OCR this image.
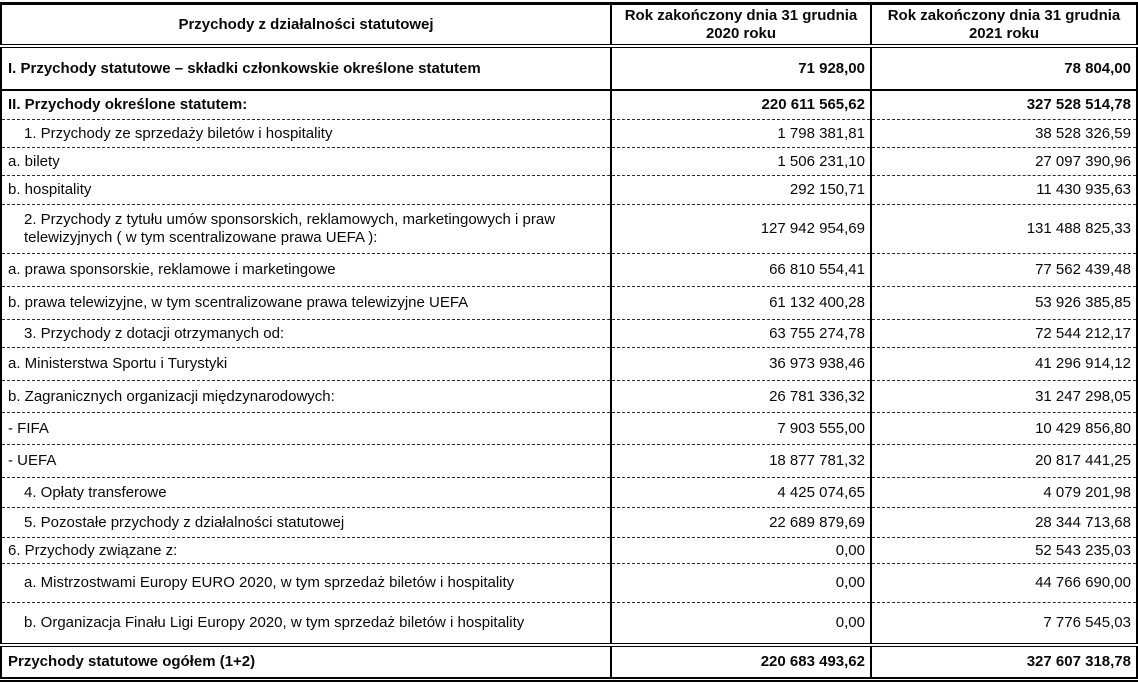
Przychody z działalności statutowej	Rok zakończony dnia 31 grudnia 2020 roku	Rok zakończony dnia 31 grudnia 2021 roku
I. Przychody statutowe – składki członkowskie określone statutem	71 928,00	78 804,00
II. Przychody określone statutem:	220 611 565,62	327 528 514,78
1. Przychody ze sprzedaży biletów i hospitality	1 798 381,81	38 528 326,59
a. bilety	1 506 231,10	27 097 390,96
b. hospitality	292 150,71	11 430 935,63
2. Przychody z tytułu umów sponsorskich, reklamowych, marketingowych i praw telewizyjnych ( w tym scentralizowane prawa UEFA ):	127 942 954,69	131 488 825,33
a. prawa sponsorskie, reklamowe i marketingowe	66 810 554,41	77 562 439,48
b. prawa telewizyjne, w tym scentralizowane prawa telewizyjne UEFA	61 132 400,28	53 926 385,85
3. Przychody z dotacji otrzymanych od:	63 755 274,78	72 544 212,17
a. Ministerstwa Sportu i Turystyki	36 973 938,46	41 296 914,12
b. Zagranicznych organizacji międzynarodowych:	26 781 336,32	31 247 298,05
- FIFA	7 903 555,00	10 429 856,80
- UEFA	18 877 781,32	20 817 441,25
4. Opłaty transferowe	4 425 074,65	4 079 201,98
5. Pozostałe przychody z działalności statutowej	22 689 879,69	28 344 713,68
6. Przychody związane z:	0,00	52 543 235,03
a. Mistrzostwami Europy EURO 2020, w tym sprzedaż biletów i hospitality	0,00	44 766 690,00
b. Organizacja Finału Ligi Europy 2020, w tym sprzedaż biletów i hospitality	0,00	7 776 545,03
Przychody statutowe ogółem (1+2)	220 683 493,62	327 607 318,78
